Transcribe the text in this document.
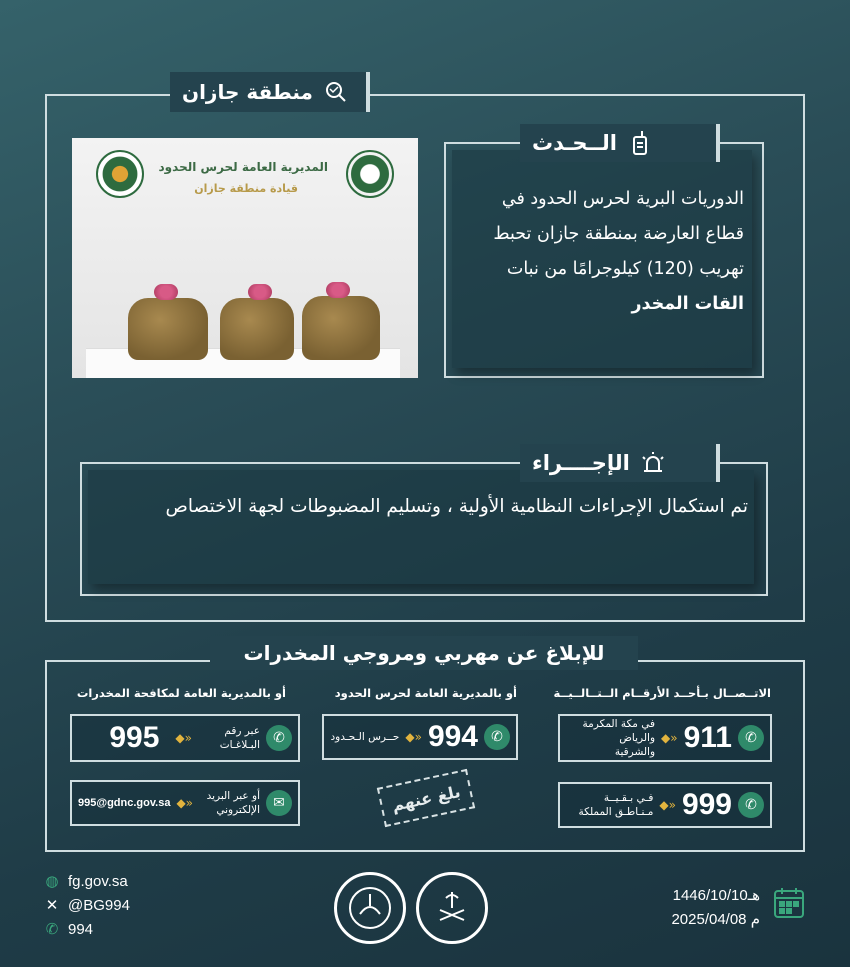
منطقة جازان
المديرية العامة لحرس الحدود
قيادة منطقة جازان
الــحـدث
الدوريات البرية لحرس الحدود في قطاع العارضة بمنطقة جازان تحبط تهريب (120) كيلوجرامًا من نبات القات المخدر
الإجــــراء
تم استكمال الإجراءات النظامية الأولية ، وتسليم المضبوطات لجهة الاختصاص
للإبلاغ عن مهربي ومروجي المخدرات
الاتــصــال بـأحــد الأرقــام الــتــالــيــة
أو بالمديرية العامة لحرس الحدود
أو بالمديرية العامة لمكافحة المخدرات
✆
911
«◆
في مكة المكرمة والرياض والشرقية
✆
999
«◆
فـي بـقـيــة مـنـاطـق المملكة
✆
994
«◆
حــرس الـحـدود
✆
عبر رقم البـلاغـات
«◆
995
✉
أو عبر البريد الإلكتروني
«◆
995@gdnc.gov.sa	بلغ عنهم
◍ fg.gov.sa
✕ @BG994
✆ 994
1446/10/10هـ
2025/04/08 م
